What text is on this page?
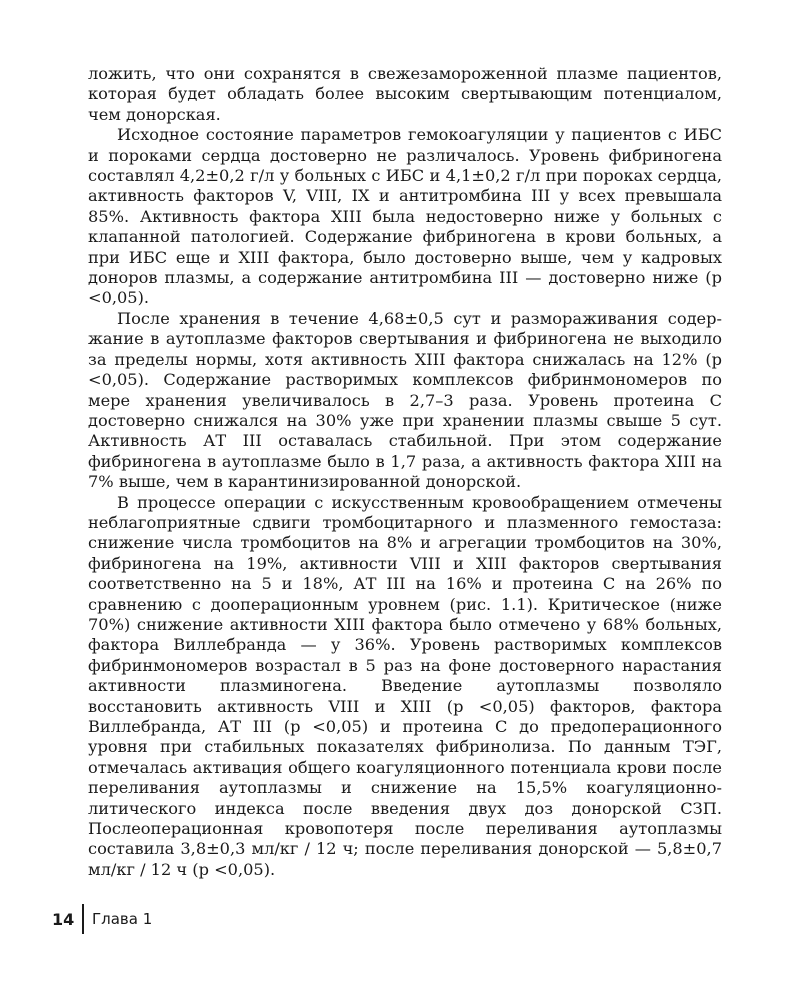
ложить, что они сохранятся в свежезамороженной плазме пациентов, которая будет обладать более высоким свертывающим потенциалом, чем донорская.

Исходное состояние параметров гемокоагуляции у пациентов с ИБС и пороками сердца достоверно не различалось. Уровень фибриногена составлял 4,2±0,2 г/л у больных с ИБС и 4,1±0,2 г/л при пороках сердца, активность факторов V, VIII, IX и антитромбина III у всех превышала 85%. Активность фактора XIII была недостоверно ниже у больных с клапанной патологией. Содержание фибриногена в крови больных, а при ИБС еще и XIII фактора, было достоверно выше, чем у кадровых доноров плазмы, а содержание антитромбина III — достоверно ниже (p <0,05).

После хранения в течение 4,68±0,5 сут и размораживания содержание в аутоплазме факторов свертывания и фибриногена не выходило за пределы нормы, хотя активность XIII фактора снижалась на 12% (p <0,05). Содержание растворимых комплексов фибринмономеров по мере хранения увеличивалось в 2,7–3 раза. Уровень протеина С достоверно снижался на 30% уже при хранении плазмы свыше 5 сут. Активность АТ III оставалась стабильной. При этом содержание фибриногена в аутоплазме было в 1,7 раза, а активность фактора XIII на 7% выше, чем в карантинизированной донорской.

В процессе операции с искусственным кровообращением отмечены неблагоприятные сдвиги тромбоцитарного и плазменного гемостаза: снижение числа тромбоцитов на 8% и агрегации тромбоцитов на 30%, фибриногена на 19%, активности VIII и XIII факторов свертывания соответственно на 5 и 18%, АТ III на 16% и протеина С на 26% по сравнению с дооперационным уровнем (рис. 1.1). Критическое (ниже 70%) снижение активности XIII фактора было отмечено у 68% больных, фактора Виллебранда — у 36%. Уровень растворимых комплексов фибринмономеров возрастал в 5 раз на фоне достоверного нарастания активности плазминогена. Введение аутоплазмы позволяло восстановить активность VIII и XIII (p <0,05) факторов, фактора Виллебранда, АТ III (p <0,05) и протеина С до предоперационного уровня при стабильных показателях фибринолиза. По данным ТЭГ, отмечалась активация общего коагуляционного потенциала крови после переливания аутоплазмы и снижение на 15,5% коагуляционно-литического индекса после введения двух доз донорской СЗП. Послеоперационная кровопотеря после переливания аутоплазмы составила 3,8±0,3 мл/кг / 12 ч; после переливания донорской — 5,8±0,7 мл/кг / 12 ч (p <0,05).

14	Глава 1
